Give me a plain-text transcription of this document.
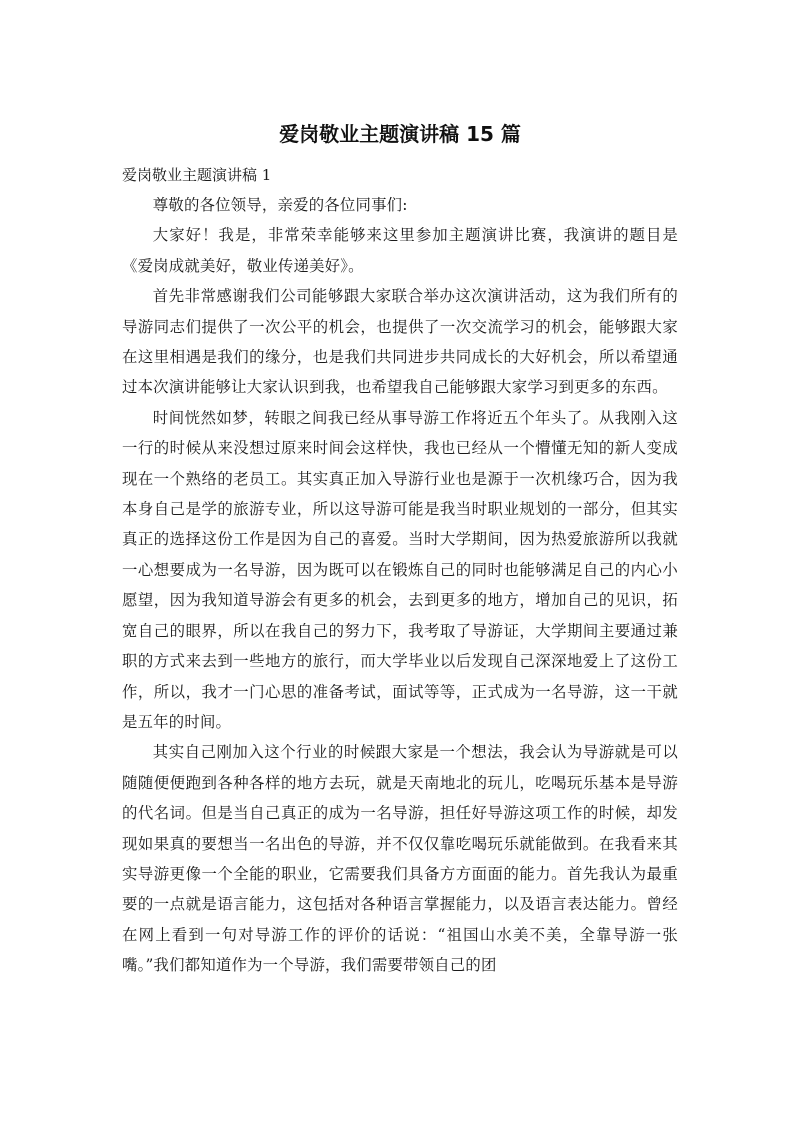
爱岗敬业主题演讲稿 15 篇

爱岗敬业主题演讲稿 1

尊敬的各位领导，亲爱的各位同事们:

大家好！我是，非常荣幸能够来这里参加主题演讲比赛，我演讲的题目是《爱岗成就美好，敬业传递美好》。

首先非常感谢我们公司能够跟大家联合举办这次演讲活动，这为我们所有的导游同志们提供了一次公平的机会，也提供了一次交流学习的机会，能够跟大家在这里相遇是我们的缘分，也是我们共同进步共同成长的大好机会，所以希望通过本次演讲能够让大家认识到我，也希望我自己能够跟大家学习到更多的东西。

时间恍然如梦，转眼之间我已经从事导游工作将近五个年头了。从我刚入这一行的时候从来没想过原来时间会这样快，我也已经从一个懵懂无知的新人变成现在一个熟络的老员工。其实真正加入导游行业也是源于一次机缘巧合，因为我本身自己是学的旅游专业，所以这导游可能是我当时职业规划的一部分，但其实真正的选择这份工作是因为自己的喜爱。当时大学期间，因为热爱旅游所以我就一心想要成为一名导游，因为既可以在锻炼自己的同时也能够满足自己的内心小愿望，因为我知道导游会有更多的机会，去到更多的地方，增加自己的见识，拓宽自己的眼界，所以在我自己的努力下，我考取了导游证，大学期间主要通过兼职的方式来去到一些地方的旅行，而大学毕业以后发现自己深深地爱上了这份工作，所以，我才一门心思的准备考试，面试等等，正式成为一名导游，这一干就是五年的时间。

其实自己刚加入这个行业的时候跟大家是一个想法，我会认为导游就是可以随随便便跑到各种各样的地方去玩，就是天南地北的玩儿，吃喝玩乐基本是导游的代名词。但是当自己真正的成为一名导游，担任好导游这项工作的时候，却发现如果真的要想当一名出色的导游，并不仅仅靠吃喝玩乐就能做到。在我看来其实导游更像一个全能的职业，它需要我们具备方方面面的能力。首先我认为最重要的一点就是语言能力，这包括对各种语言掌握能力，以及语言表达能力。曾经在网上看到一句对导游工作的评价的话说：“祖国山水美不美，全靠导游一张嘴。”我们都知道作为一个导游，我们需要带领自己的团
